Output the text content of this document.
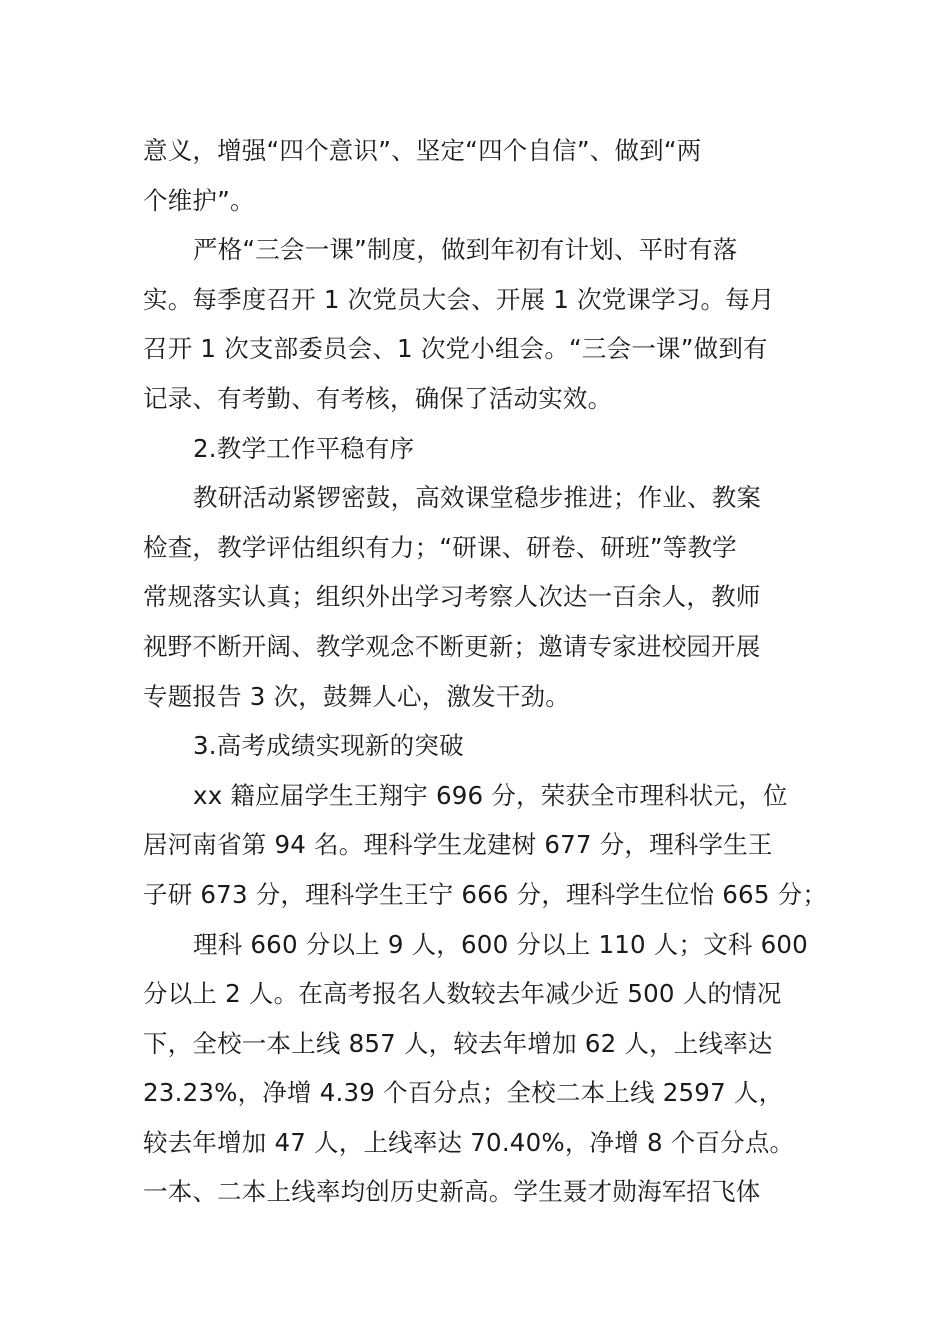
意义，增强“四个意识”、坚定“四个自信”、做到“两
个维护”。
严格“三会一课”制度，做到年初有计划、平时有落
实。每季度召开 1 次党员大会、开展 1 次党课学习。每月
召开 1 次支部委员会、1 次党小组会。“三会一课”做到有
记录、有考勤、有考核，确保了活动实效。
2.教学工作平稳有序
教研活动紧锣密鼓，高效课堂稳步推进；作业、教案
检查，教学评估组织有力；“研课、研卷、研班”等教学
常规落实认真；组织外出学习考察人次达一百余人，教师
视野不断开阔、教学观念不断更新；邀请专家进校园开展
专题报告 3 次，鼓舞人心，激发干劲。
3.高考成绩实现新的突破
xx 籍应届学生王翔宇 696 分，荣获全市理科状元，位
居河南省第 94 名。理科学生龙建树 677 分，理科学生王
子研 673 分，理科学生王宁 666 分，理科学生位怡 665 分；
理科 660 分以上 9 人，600 分以上 110 人；文科 600
分以上 2 人。在高考报名人数较去年减少近 500 人的情况
下，全校一本上线 857 人，较去年增加 62 人，上线率达
23.23%，净增 4.39 个百分点；全校二本上线 2597 人，
较去年增加 47 人，上线率达 70.40%，净增 8 个百分点。
一本、二本上线率均创历史新高。学生聂才勋海军招飞体
